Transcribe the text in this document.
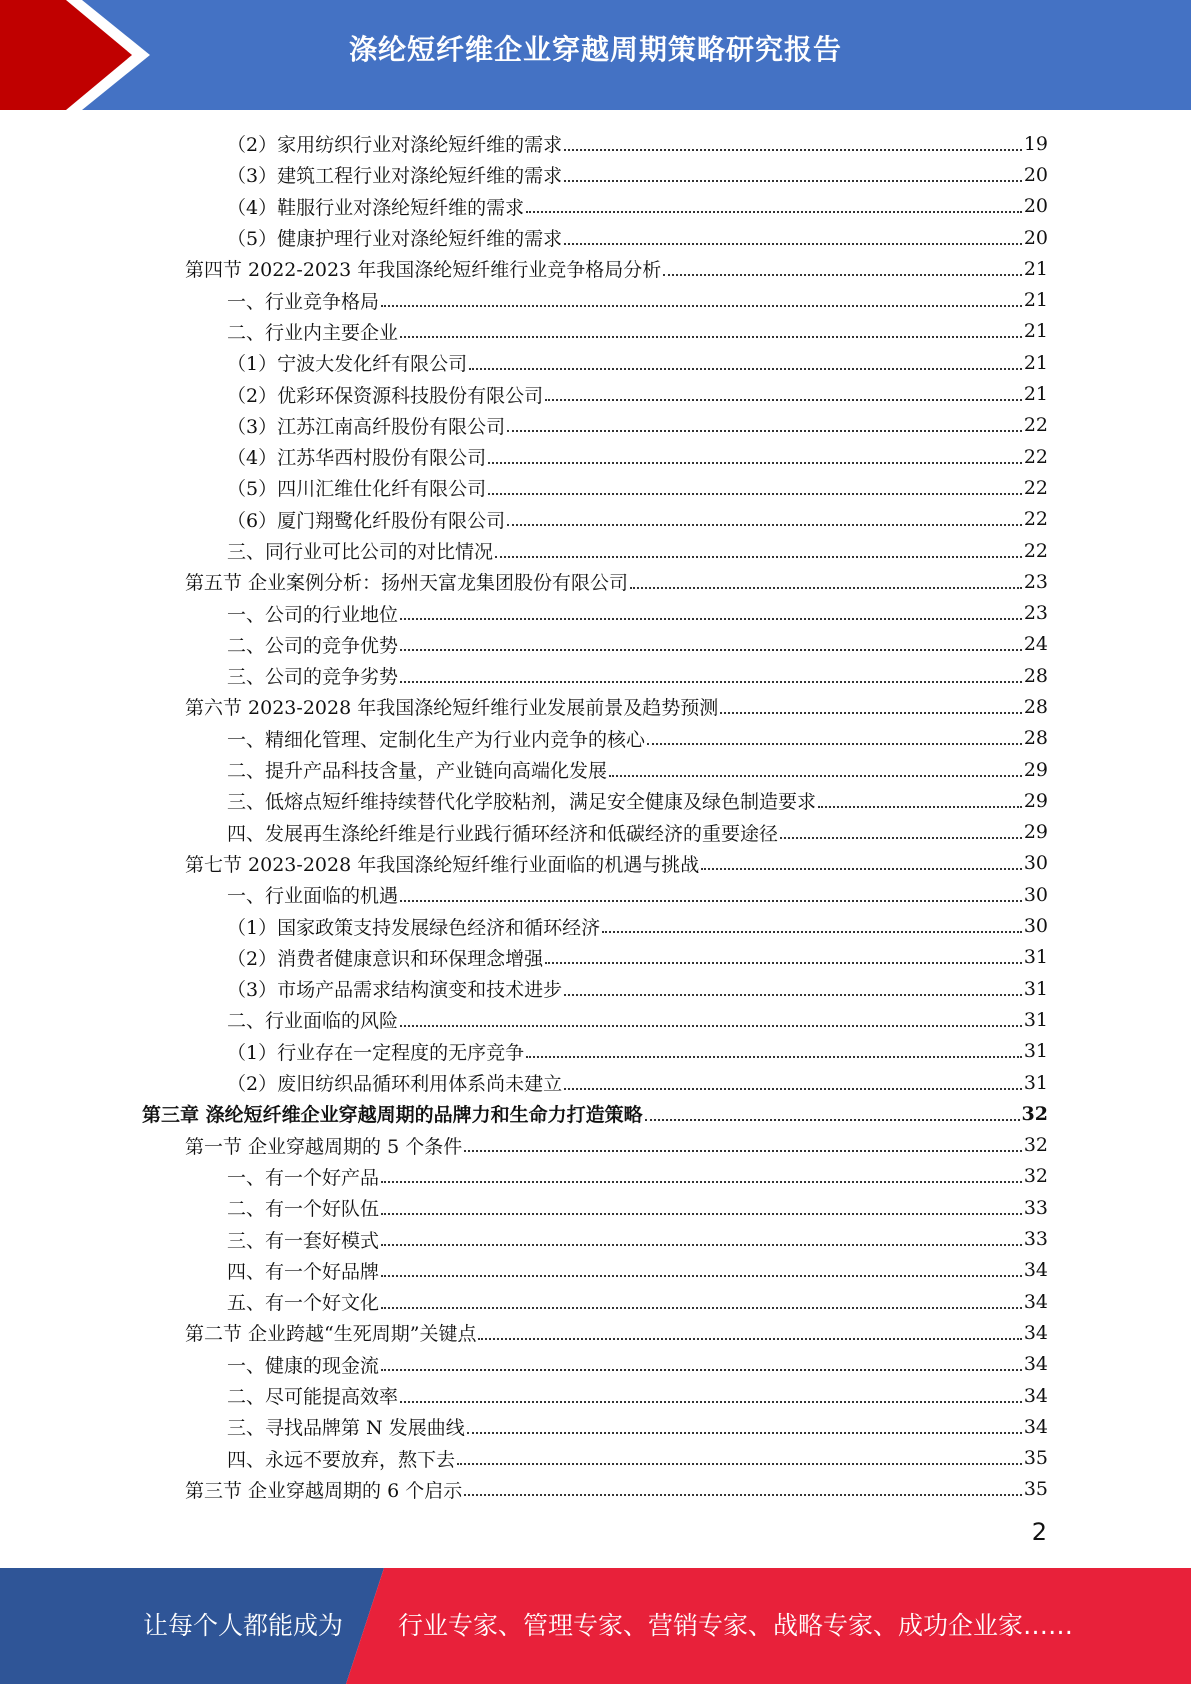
涤纶短纤维企业穿越周期策略研究报告
（2）家用纺织行业对涤纶短纤维的需求	19
（3）建筑工程行业对涤纶短纤维的需求	20
（4）鞋服行业对涤纶短纤维的需求	20
（5）健康护理行业对涤纶短纤维的需求	20
第四节 2022-2023 年我国涤纶短纤维行业竞争格局分析	21
一、行业竞争格局	21
二、行业内主要企业	21
（1）宁波大发化纤有限公司	21
（2）优彩环保资源科技股份有限公司	21
（3）江苏江南高纤股份有限公司	22
（4）江苏华西村股份有限公司	22
（5）四川汇维仕化纤有限公司	22
（6）厦门翔鹭化纤股份有限公司	22
三、同行业可比公司的对比情况	22
第五节 企业案例分析：扬州天富龙集团股份有限公司	23
一、公司的行业地位	23
二、公司的竞争优势	24
三、公司的竞争劣势	28
第六节 2023-2028 年我国涤纶短纤维行业发展前景及趋势预测	28
一、精细化管理、定制化生产为行业内竞争的核心	28
二、提升产品科技含量，产业链向高端化发展	29
三、低熔点短纤维持续替代化学胶粘剂，满足安全健康及绿色制造要求	29
四、发展再生涤纶纤维是行业践行循环经济和低碳经济的重要途径	29
第七节 2023-2028 年我国涤纶短纤维行业面临的机遇与挑战	30
一、行业面临的机遇	30
（1）国家政策支持发展绿色经济和循环经济	30
（2）消费者健康意识和环保理念增强	31
（3）市场产品需求结构演变和技术进步	31
二、行业面临的风险	31
（1）行业存在一定程度的无序竞争	31
（2）废旧纺织品循环利用体系尚未建立	31
第三章 涤纶短纤维企业穿越周期的品牌力和生命力打造策略	32
第一节 企业穿越周期的 5 个条件	32
一、有一个好产品	32
二、有一个好队伍	33
三、有一套好模式	33
四、有一个好品牌	34
五、有一个好文化	34
第二节 企业跨越“生死周期”关键点	34
一、健康的现金流	34
二、尽可能提高效率	34
三、寻找品牌第 N 发展曲线	34
四、永远不要放弃，熬下去	35
第三节 企业穿越周期的 6 个启示	35
2
让每个人都能成为 行业专家、管理专家、营销专家、战略专家、成功企业家……
